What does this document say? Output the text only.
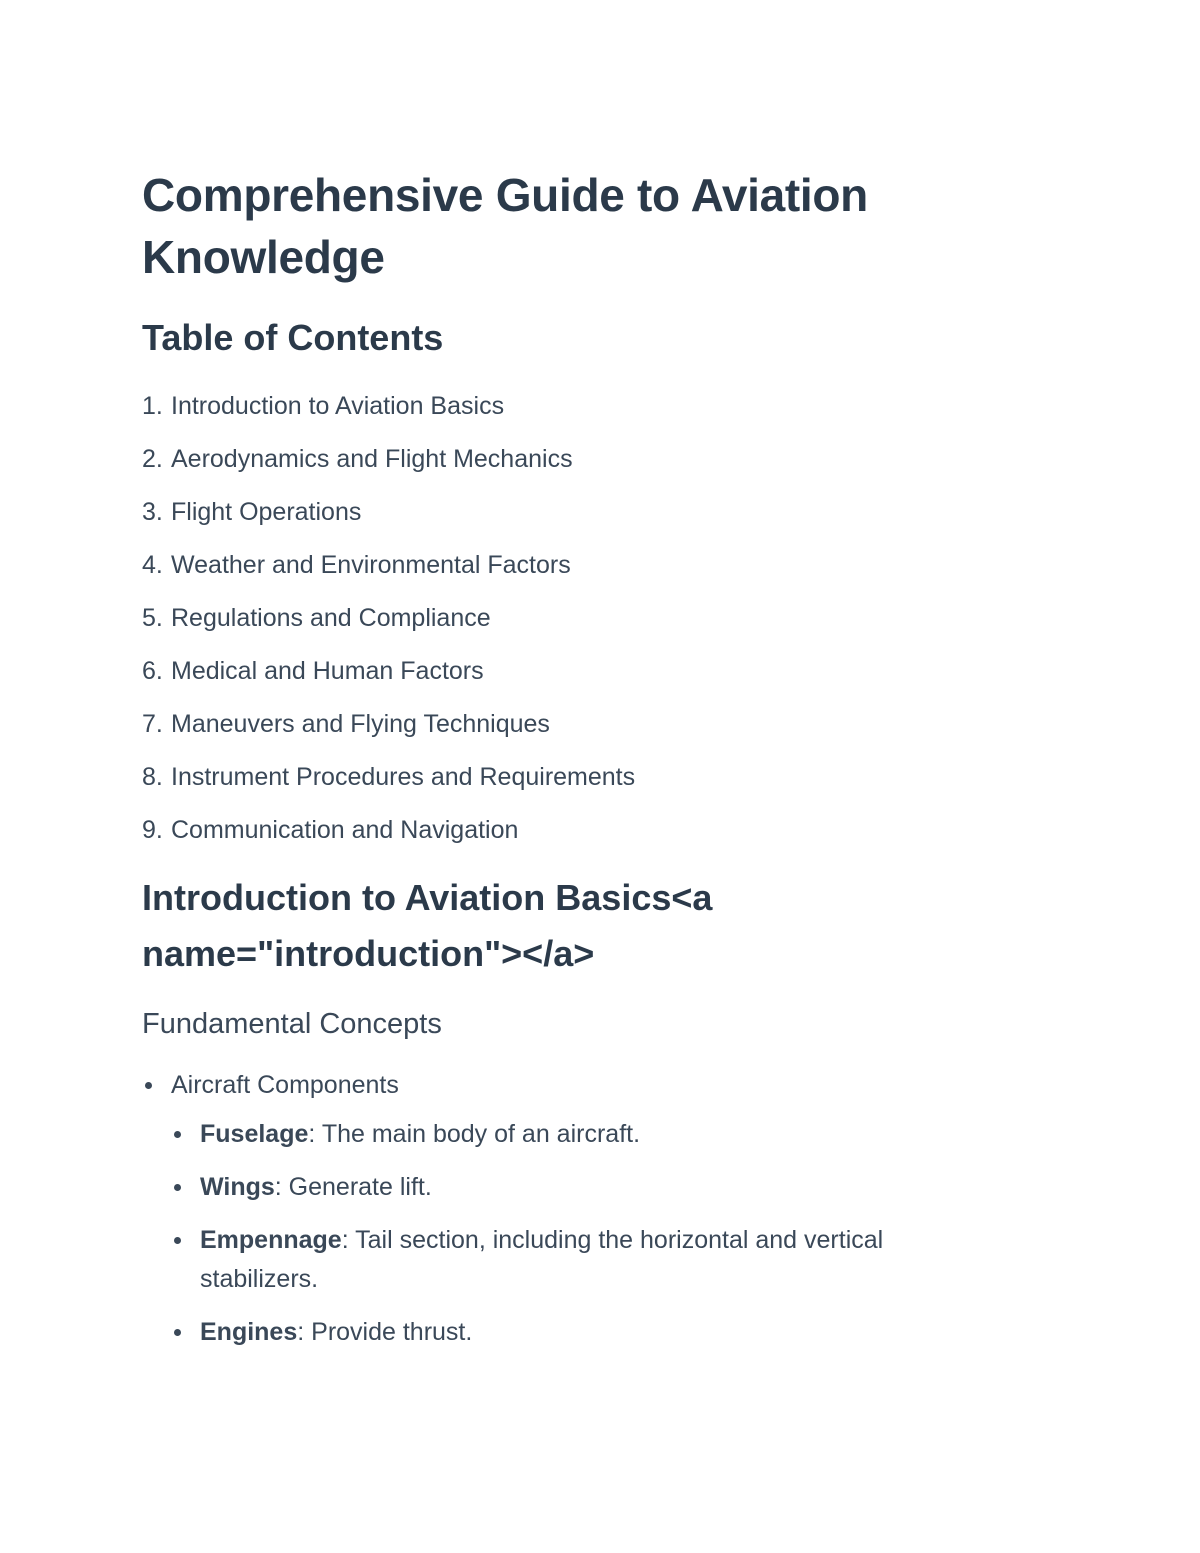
Comprehensive Guide to Aviation Knowledge
Table of Contents
1. Introduction to Aviation Basics
2. Aerodynamics and Flight Mechanics
3. Flight Operations
4. Weather and Environmental Factors
5. Regulations and Compliance
6. Medical and Human Factors
7. Maneuvers and Flying Techniques
8. Instrument Procedures and Requirements
9. Communication and Navigation
Introduction to Aviation Basics<a name="introduction"></a>
Fundamental Concepts
Aircraft Components
Fuselage: The main body of an aircraft.
Wings: Generate lift.
Empennage: Tail section, including the horizontal and vertical stabilizers.
Engines: Provide thrust.
